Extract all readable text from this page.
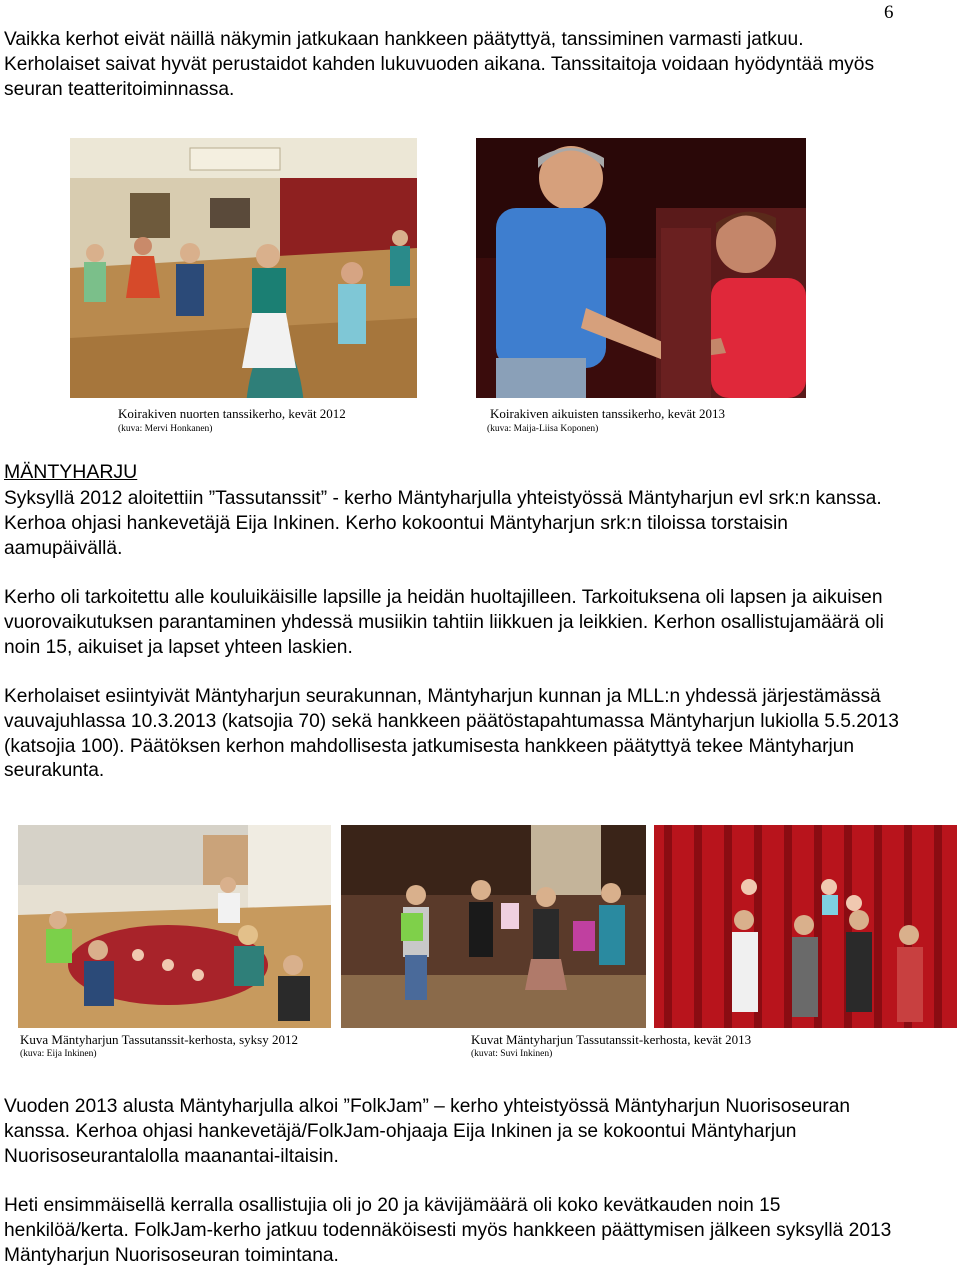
6

Vaikka kerhot eivät näillä näkymin jatkukaan hankkeen päätyttyä, tanssiminen varmasti jatkuu. Kerholaiset saivat hyvät perustaidot kahden lukuvuoden aikana. Tanssitaitoja voidaan hyödyntää myös seuran teatteritoiminnassa.

Koirakiven nuorten tanssikerho, kevät 2012
(kuva: Mervi Honkanen)
Koirakiven aikuisten tanssikerho, kevät 2013
(kuva: Maija-Liisa Koponen)
MÄNTYHARJU

Syksyllä 2012 aloitettiin ”Tassutanssit” - kerho Mäntyharjulla yhteistyössä Mäntyharjun evl srk:n kanssa. Kerhoa ohjasi hankevetäjä Eija Inkinen. Kerho kokoontui Mäntyharjun srk:n tiloissa torstaisin aamupäivällä.

Kerho oli tarkoitettu alle kouluikäisille lapsille ja heidän huoltajilleen. Tarkoituksena oli lapsen ja aikuisen vuorovaikutuksen parantaminen yhdessä musiikin tahtiin liikkuen ja leikkien. Kerhon osallistujamäärä oli noin 15, aikuiset ja lapset yhteen laskien.

Kerholaiset esiintyivät Mäntyharjun seurakunnan, Mäntyharjun kunnan ja MLL:n yhdessä järjestämässä vauvajuhlassa 10.3.2013 (katsojia 70) sekä hankkeen päätöstapahtumassa Mäntyharjun lukiolla 5.5.2013 (katsojia 100). Päätöksen kerhon mahdollisesta jatkumisesta hankkeen päätyttyä tekee Mäntyharjun seurakunta.

Kuva Mäntyharjun Tassutanssit-kerhosta, syksy 2012
(kuva: Eija Inkinen)
Kuvat Mäntyharjun Tassutanssit-kerhosta, kevät 2013
(kuvat: Suvi Inkinen)

Vuoden 2013 alusta Mäntyharjulla alkoi ”FolkJam” – kerho yhteistyössä Mäntyharjun Nuorisoseuran kanssa. Kerhoa ohjasi hankevetäjä/FolkJam-ohjaaja Eija Inkinen ja se kokoontui Mäntyharjun Nuorisoseurantalolla maanantai-iltaisin.

Heti ensimmäisellä kerralla osallistujia oli jo 20 ja kävijämäärä oli koko kevätkauden noin 15 henkilöä/kerta. FolkJam-kerho jatkuu todennäköisesti myös hankkeen päättymisen jälkeen syksyllä 2013 Mäntyharjun Nuorisoseuran toimintana.
